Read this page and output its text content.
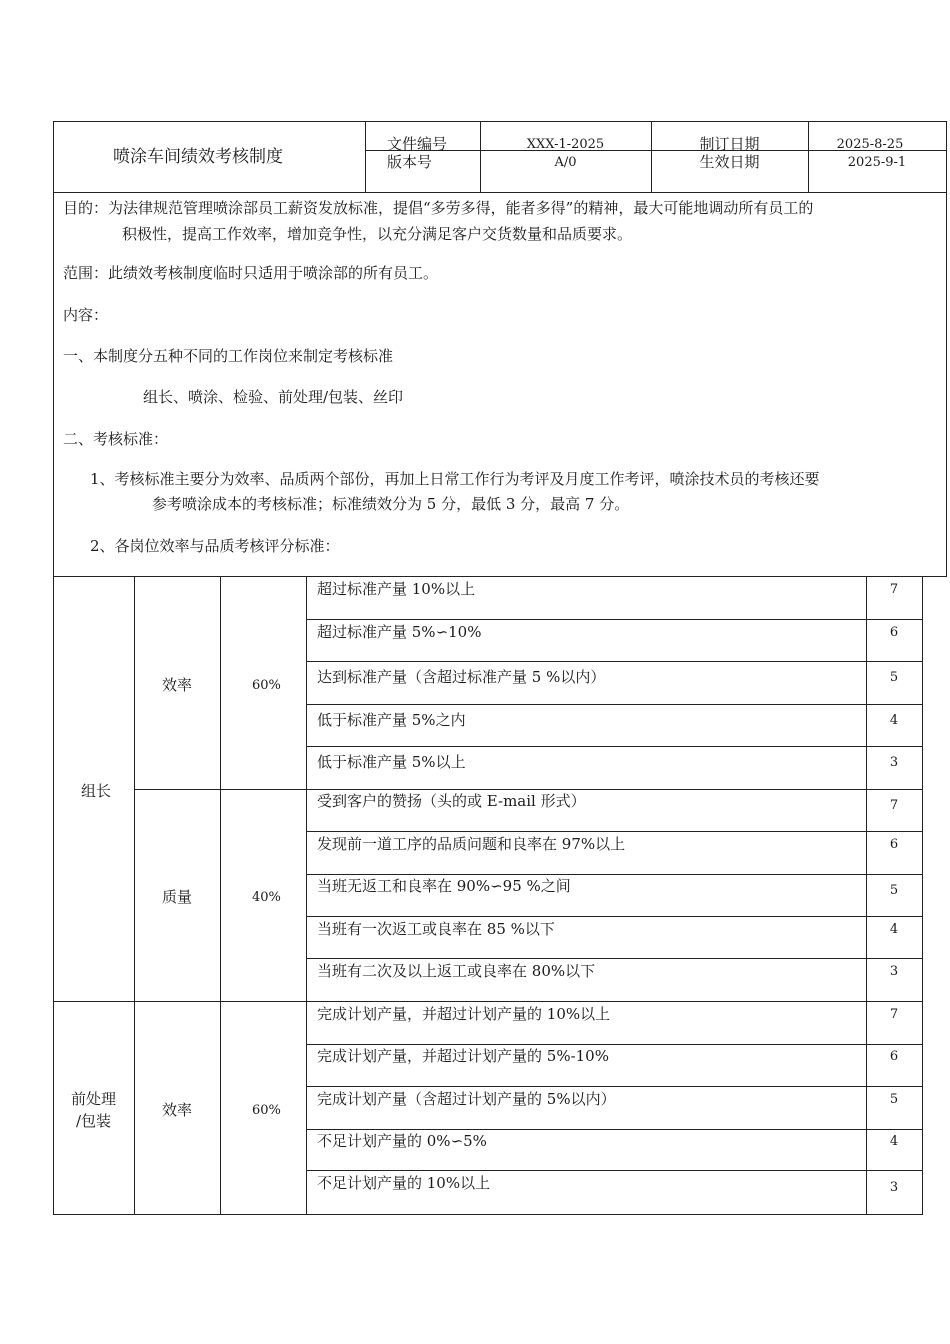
喷涂车间绩效考核制度
文件编号	XXX-1-2025	制订日期	2025-8-25
版本号	A/0	生效日期	2025-9-1
目的：为法律规范管理喷涂部员工薪资发放标准，提倡“多劳多得，能者多得”的精神，最大可能地调动所有员工的
积极性，提高工作效率，增加竞争性，以充分满足客户交货数量和品质要求。
范围：此绩效考核制度临时只适用于喷涂部的所有员工。
内容：
一、本制度分五种不同的工作岗位来制定考核标准
组长、喷涂、检验、前处理/包装、丝印
二、考核标准：
1、考核标准主要分为效率、品质两个部份，再加上日常工作行为考评及月度工作考评，喷涂技术员的考核还要
参考喷涂成本的考核标准；标准绩效分为 5 分，最低 3 分，最高 7 分。
2、各岗位效率与品质考核评分标准：
组长
效率	60%
超过标准产量 10%以上	7
超过标准产量 5%∽10%	6
达到标准产量（含超过标准产量 5 %以内）	5
低于标准产量 5%之内	4
低于标准产量 5%以上	3
质量	40%
受到客户的赞扬（头的或 E-mail 形式）	7
发现前一道工序的品质问题和良率在 97%以上	6
当班无返工和良率在 90%∽95 %之间	5
当班有一次返工或良率在 85 %以下	4
当班有二次及以上返工或良率在 80%以下	3
前处理
/包装
效率	60%
完成计划产量，并超过计划产量的 10%以上	7
完成计划产量，并超过计划产量的 5%-10%	6
完成计划产量（含超过计划产量的 5%以内）	5
不足计划产量的 0%∽5%	4
不足计划产量的 10%以上	3
